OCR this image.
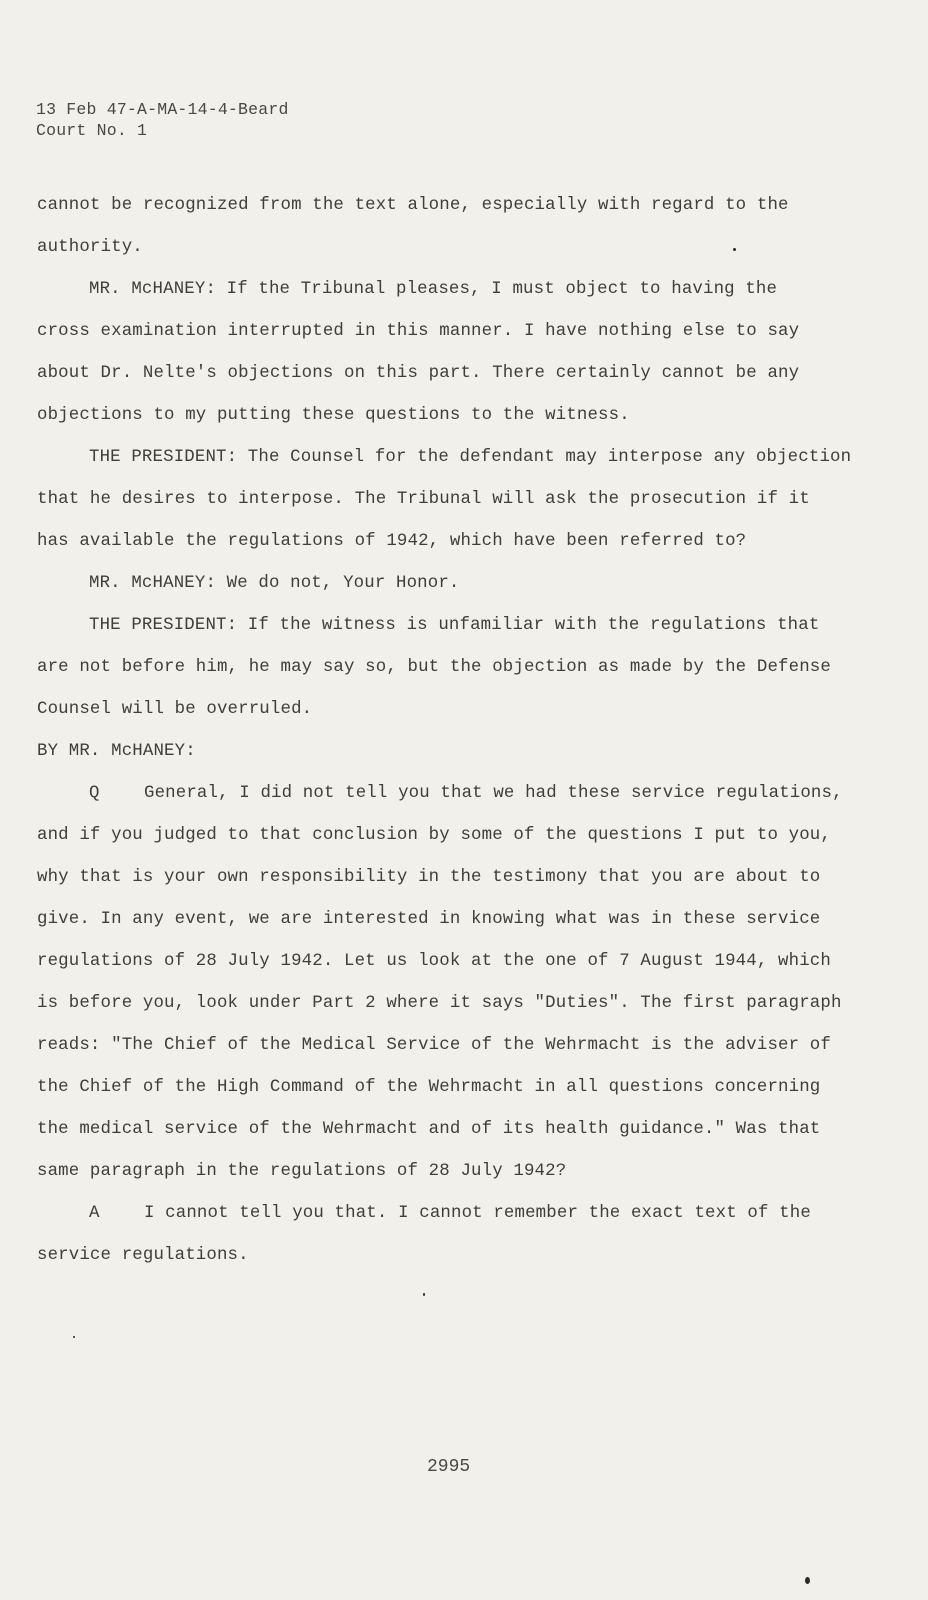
13 Feb 47-A-MA-14-4-Beard
Court No. 1
cannot be recognized from the text alone, especially with regard to the
authority.
MR. McHANEY: If the Tribunal pleases, I must object to having the
cross examination interrupted in this manner. I have nothing else to say
about Dr. Nelte's objections on this part. There certainly cannot be any
objections to my putting these questions to the witness.
THE PRESIDENT: The Counsel for the defendant may interpose any objection
that he desires to interpose. The Tribunal will ask the prosecution if it
has available the regulations of 1942, which have been referred to?
MR. McHANEY: We do not, Your Honor.
THE PRESIDENT: If the witness is unfamiliar with the regulations that
are not before him, he may say so, but the objection as made by the Defense
Counsel will be overruled.
BY MR. McHANEY:
Q	General, I did not tell you that we had these service regulations,
and if you judged to that conclusion by some of the questions I put to you,
why that is your own responsibility in the testimony that you are about to
give. In any event, we are interested in knowing what was in these service
regulations of 28 July 1942. Let us look at the one of 7 August 1944, which
is before you, look under Part 2 where it says "Duties". The first paragraph
reads: "The Chief of the Medical Service of the Wehrmacht is the adviser of
the Chief of the High Command of the Wehrmacht in all questions concerning
the medical service of the Wehrmacht and of its health guidance." Was that
same paragraph in the regulations of 28 July 1942?
A	I cannot tell you that. I cannot remember the exact text of the
service regulations.
2995
